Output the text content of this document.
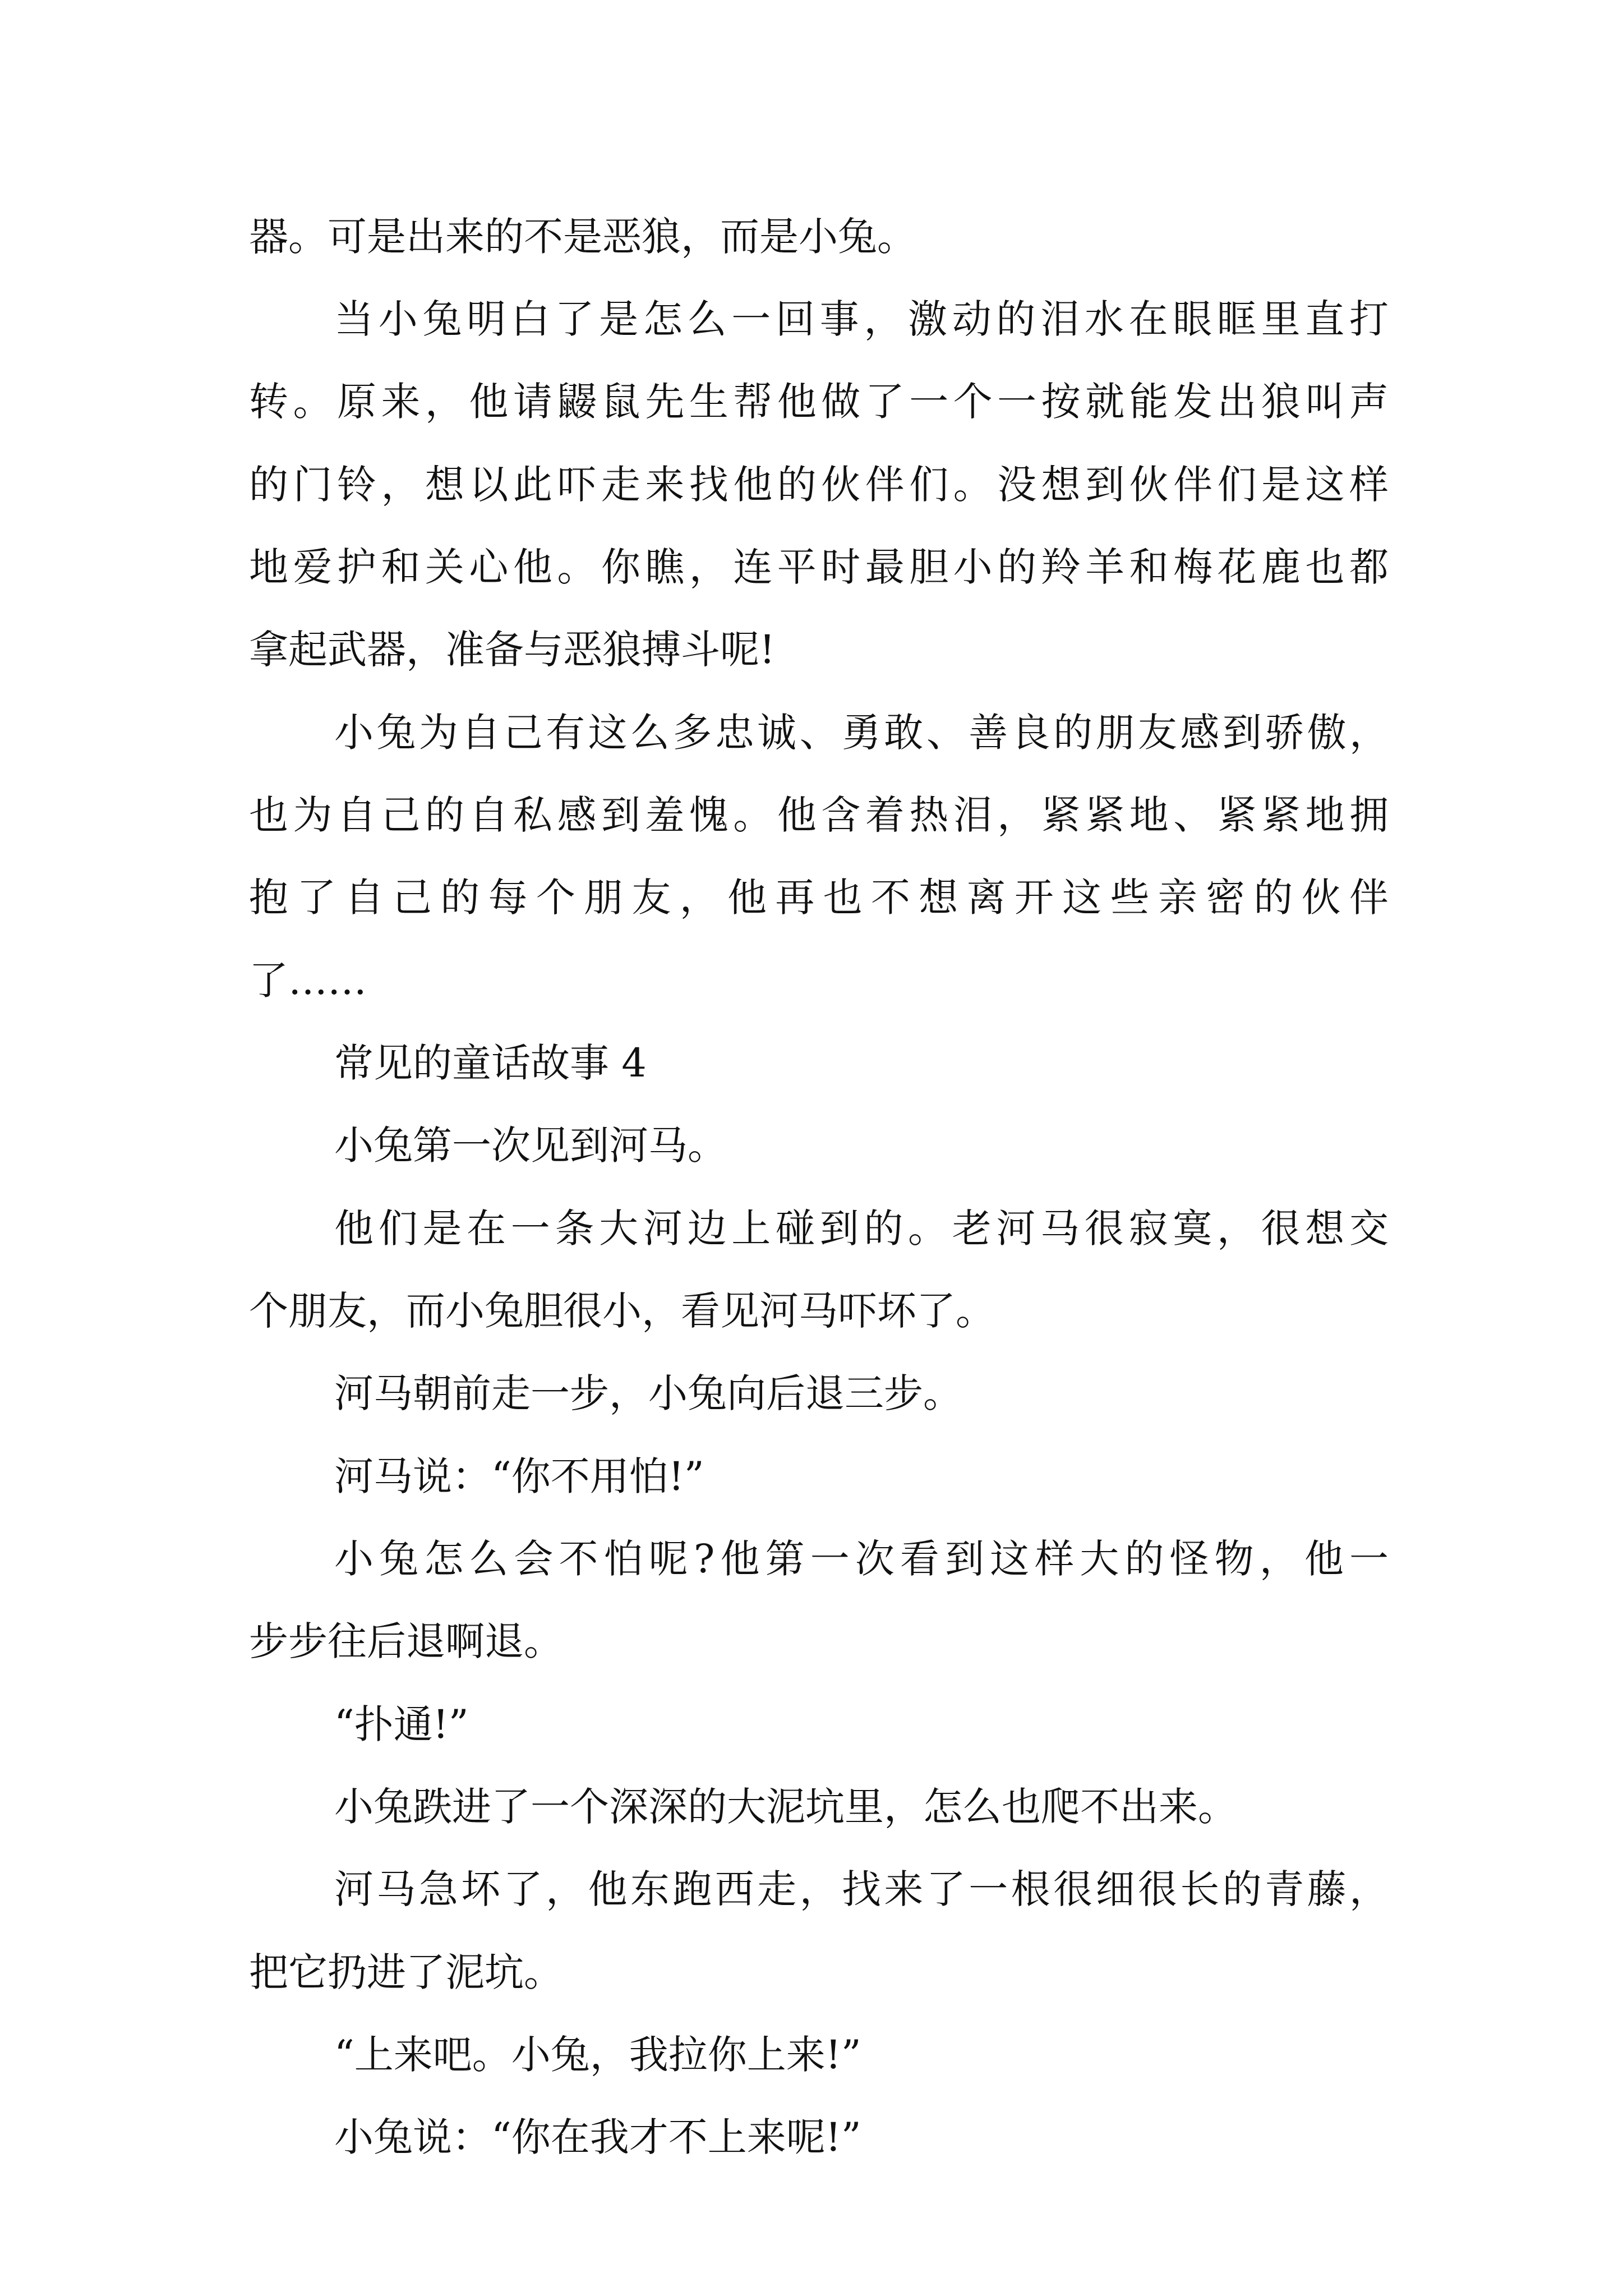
器。可是出来的不是恶狼，而是小兔。
当小兔明白了是怎么一回事，激动的泪水在眼眶里直打
转。原来，他请鼹鼠先生帮他做了一个一按就能发出狼叫声
的门铃，想以此吓走来找他的伙伴们。没想到伙伴们是这样
地爱护和关心他。你瞧，连平时最胆小的羚羊和梅花鹿也都
拿起武器，准备与恶狼搏斗呢!
小兔为自己有这么多忠诚、勇敢、善良的朋友感到骄傲，
也为自己的自私感到羞愧。他含着热泪，紧紧地、紧紧地拥
抱了自己的每个朋友，他再也不想离开这些亲密的伙伴
了……
常见的童话故事 4
小兔第一次见到河马。
他们是在一条大河边上碰到的。老河马很寂寞，很想交
个朋友，而小兔胆很小，看见河马吓坏了。
河马朝前走一步，小兔向后退三步。
河马说：“你不用怕!”
小兔怎么会不怕呢?他第一次看到这样大的怪物，他一
步步往后退啊退。
“扑通!”
小兔跌进了一个深深的大泥坑里，怎么也爬不出来。
河马急坏了，他东跑西走，找来了一根很细很长的青藤，
把它扔进了泥坑。
“上来吧。小兔，我拉你上来!”
小兔说：“你在我才不上来呢!”
